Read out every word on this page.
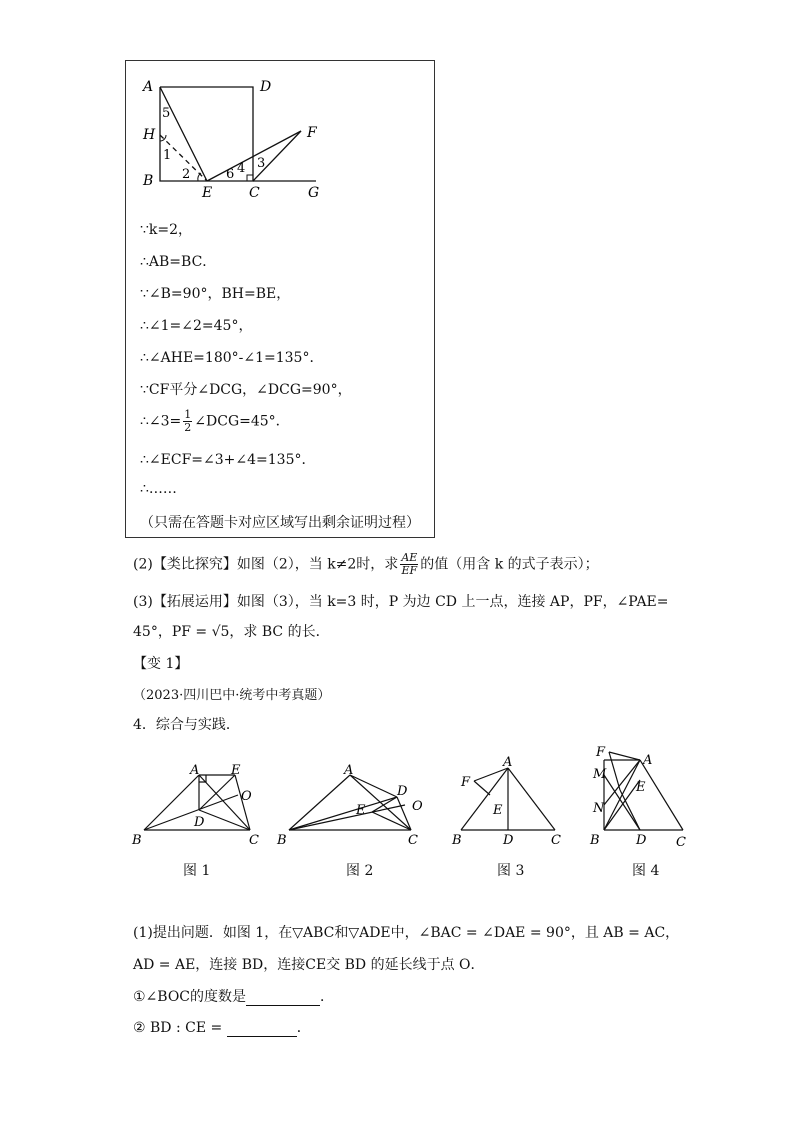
A	D
5
H
1
F
3
2	4
6
B
E	C	G
∵k=2，
∴AB=BC．
∵∠B=90°，BH=BE，
∴∠1=∠2=45°，
∴∠AHE=180°-∠1=135°．
∵CF平分∠DCG，∠DCG=90°，
∴∠3= $\frac{1}{2}$ ∠DCG=45°．
∴∠ECF=∠3+∠4=135°．
∴……
（只需在答题卡对应区域写出剩余证明过程）
(2)【类比探究】如图（2），当 k≠2时，求 $\frac{AE}{EF}$ 的值（用含 k 的式子表示）；
(3)【拓展运用】如图（3），当 k=3 时，P 为边 CD 上一点，连接 AP，PF，∠PAE=
45°，PF = √5，求 BC 的长．
【变 1】
（2023·四川巴中·统考中考真题）
4．综合与实践．
A E
O
D
B	C
A
D
O
E
B	C
A
F
E
B	D	C
F
A
M
E
N
B	D C
图 1	图 2	图 3	图 4
(1)提出问题．如图 1，在▽ABC和▽ADE中，∠BAC = ∠DAE = 90°，且 AB = AC，
AD = AE，连接 BD，连接CE交 BD 的延长线于点 O．
①∠BOC的度数是	．
② BD : CE =	．
